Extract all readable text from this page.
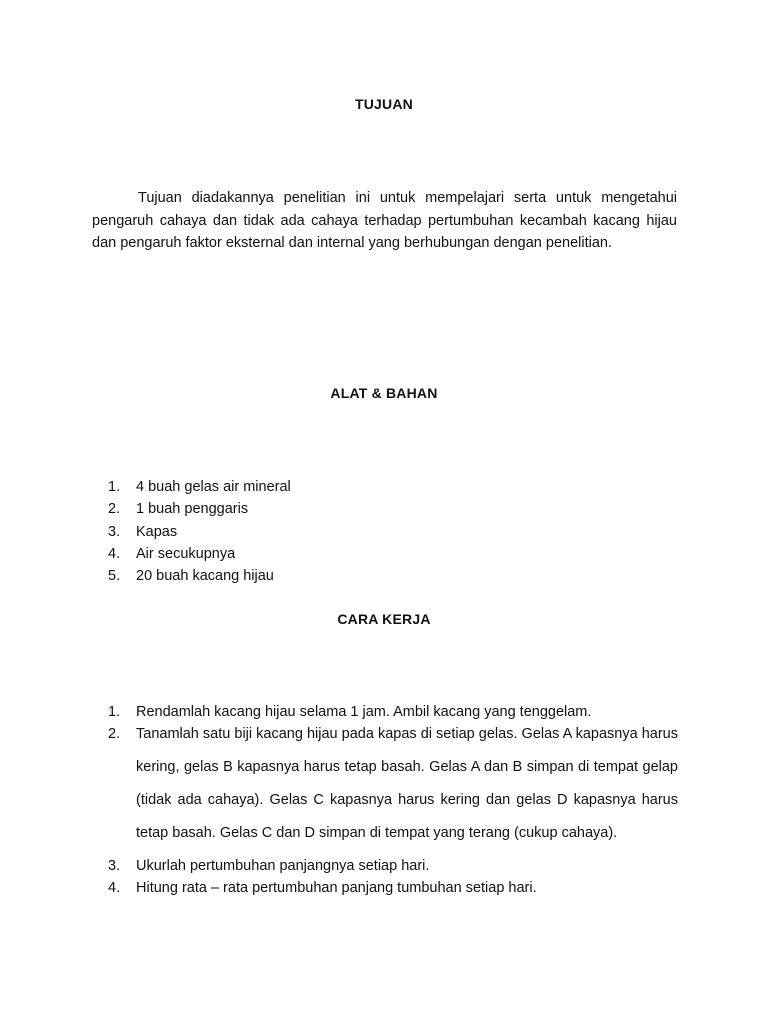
TUJUAN

Tujuan diadakannya penelitian ini untuk mempelajari serta untuk mengetahui pengaruh cahaya dan tidak ada cahaya terhadap pertumbuhan kecambah kacang hijau dan pengaruh faktor eksternal dan internal yang berhubungan dengan penelitian.

ALAT & BAHAN
1. 4 buah gelas air mineral
2. 1 buah penggaris
3. Kapas
4. Air secukupnya
5. 20 buah kacang hijau
CARA KERJA
1. Rendamlah kacang hijau selama 1 jam. Ambil kacang yang tenggelam.
2. Tanamlah satu biji kacang hijau pada kapas di setiap gelas. Gelas A kapasnya harus kering, gelas B kapasnya harus tetap basah. Gelas A dan B simpan di tempat gelap (tidak ada cahaya). Gelas C kapasnya harus kering dan gelas D kapasnya harus tetap basah. Gelas C dan D simpan di tempat yang terang (cukup cahaya).
3. Ukurlah pertumbuhan panjangnya setiap hari.
4. Hitung rata – rata pertumbuhan panjang tumbuhan setiap hari.
